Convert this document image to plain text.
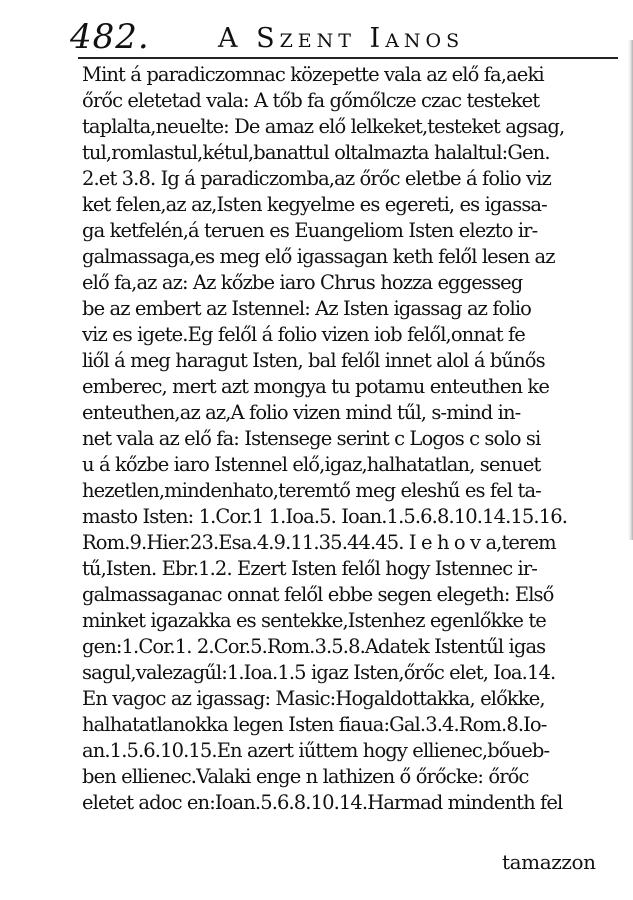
482.	A Szent Ianos
Mint á paradiczomnac közepette vala az elő fa,aeki
őrőc eletetad vala: A tőb fa gőmőlcze czac testeket
taplalta,neuelte: De amaz elő lelkeket,testeket agsag,
tul,romlastul,kétul,banattul oltalmazta halaltul:Gen.
2.et 3.8. Ig á paradiczomba,az őrőc eletbe á folio viz
ket felen,az az,Isten kegyelme es egereti, es igassa-
ga ketfelén,á teruen es Euangeliom Isten elezto ir-
galmassaga,es meg elő igassagan keth felől lesen az
elő fa,az az: Az kőzbe iaro Chrus hozza eggesseg
be az embert az Istennel: Az Isten igassag az folio
viz es igete.Eg felől á folio vizen iob felől,onnat fe
liől á meg haragut Isten, bal felől innet alol á bűnős
emberec, mert azt mongya tu potamu enteuthen ke
enteuthen,az az,A folio vizen mind tűl, s-mind in-
net vala az elő fa: Istensege serint c Logos c solo si
u á kőzbe iaro Istennel elő,igaz,halhatatlan, senuet
hezetlen,mindenhato,teremtő meg eleshű es fel ta-
masto Isten: 1.Cor.1 1.Ioa.5. Ioan.1.5.6.8.10.14.15.16.
Rom.9.Hier.23.Esa.4.9.11.35.44.45. I e h o v a,terem
tű,Isten. Ebr.1.2. Ezert Isten felől hogy Istennec ir-
galmassaganac onnat felől ebbe segen elegeth: Első
minket igazakka es sentekke,Istenhez egenlőkke te
gen:1.Cor.1. 2.Cor.5.Rom.3.5.8.Adatek Istentűl igas
sagul,valezagűl:1.Ioa.1.5 igaz Isten,őrőc elet, Ioa.14.
En vagoc az igassag: Masic:Hogaldottakka, előkke,
halhatatlanokka legen Isten fiaua:Gal.3.4.Rom.8.Io-
an.1.5.6.10.15.En azert iűttem hogy ellienec,bőueb-
ben ellienec.Valaki enge n lathizen ő őrőcke: őrőc
eletet adoc en:Ioan.5.6.8.10.14.Harmad mindenth fel
tamazzon
